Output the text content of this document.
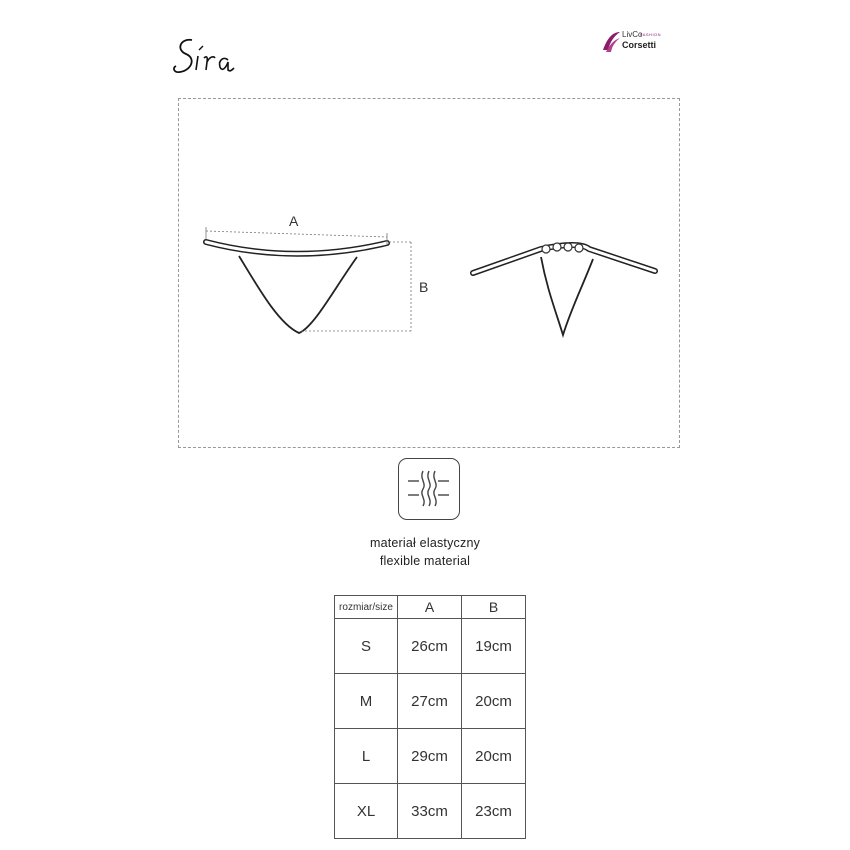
LivCo
FASHION
Corsetti
A
B
materiał elastyczny
flexible material
rozmiar/size	A	B
S	26cm	19cm
M	27cm	20cm
L	29cm	20cm
XL	33cm	23cm
